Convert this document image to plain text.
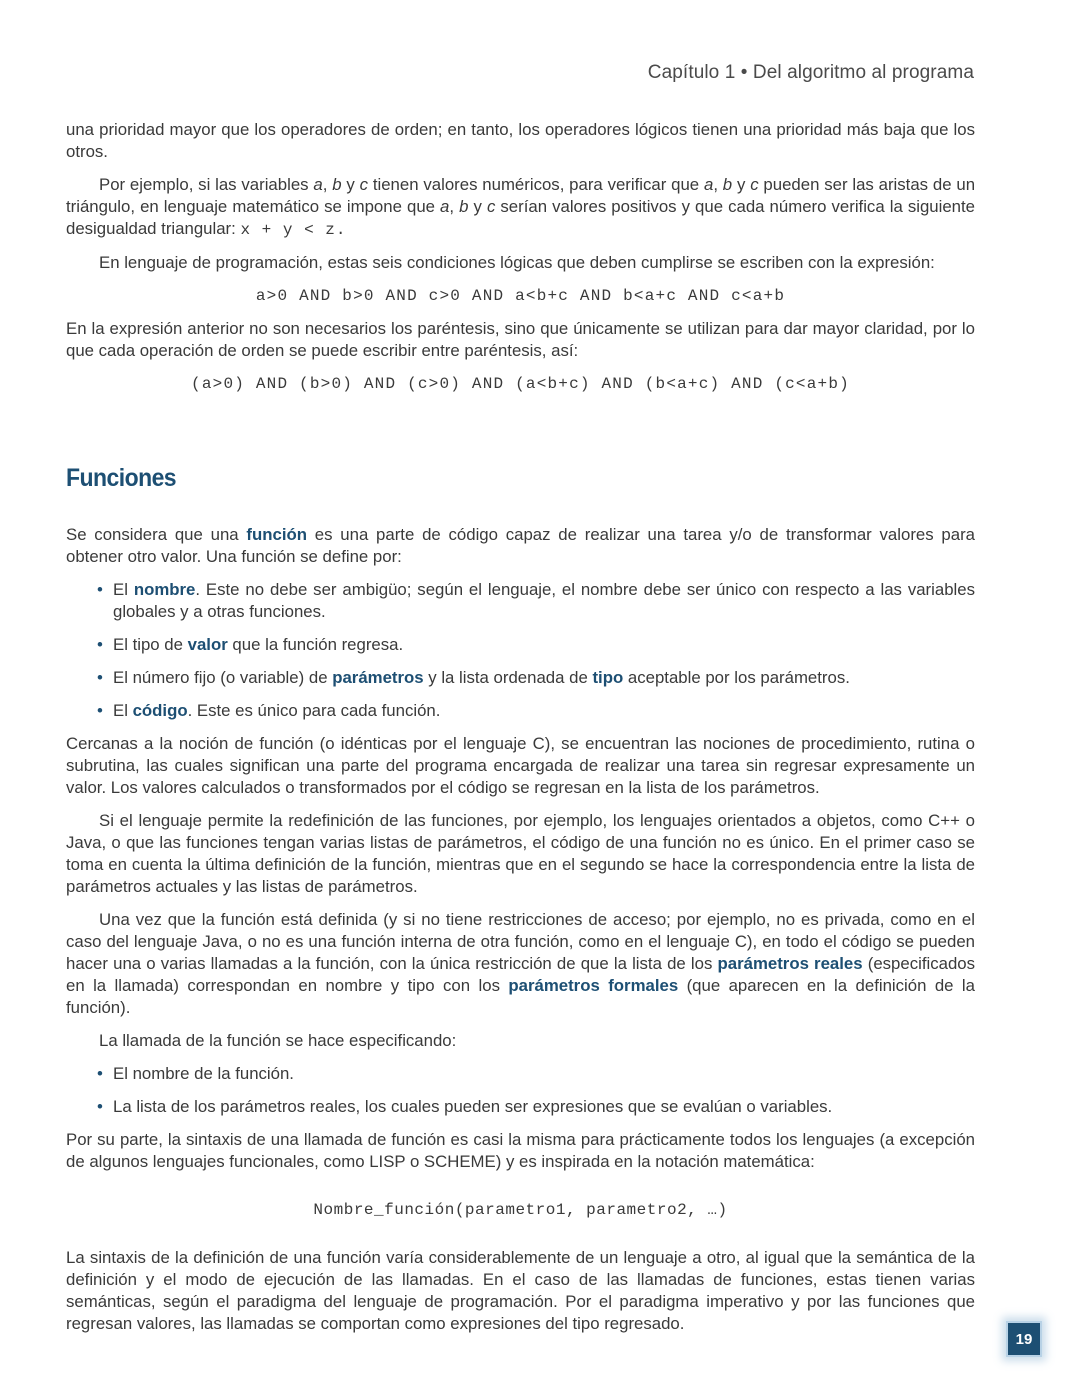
Capítulo 1 • Del algoritmo al programa

una prioridad mayor que los operadores de orden; en tanto, los operadores lógicos tienen una prioridad más baja que los otros.

Por ejemplo, si las variables a, b y c tienen valores numéricos, para verificar que a, b y c pueden ser las aristas de un triángulo, en lenguaje matemático se impone que a, b y c serían valores positivos y que cada número verifica la siguiente desigualdad triangular: x + y < z.

En lenguaje de programación, estas seis condiciones lógicas que deben cumplirse se escriben con la expresión:

a>0 AND b>0 AND c>0 AND a<b+c AND b<a+c AND c<a+b

En la expresión anterior no son necesarios los paréntesis, sino que únicamente se utilizan para dar mayor claridad, por lo que cada operación de orden se puede escribir entre paréntesis, así:

(a>0) AND (b>0) AND (c>0) AND (a<b+c) AND (b<a+c) AND (c<a+b)
Funciones

Se considera que una función es una parte de código capaz de realizar una tarea y/o de transformar valores para obtener otro valor. Una función se define por:

• El nombre. Este no debe ser ambigüo; según el lenguaje, el nombre debe ser único con respecto a las variables globales y a otras funciones.
• El tipo de valor que la función regresa.
• El número fijo (o variable) de parámetros y la lista ordenada de tipo aceptable por los parámetros.
• El código. Este es único para cada función.

Cercanas a la noción de función (o idénticas por el lenguaje C), se encuentran las nociones de procedimiento, rutina o subrutina, las cuales significan una parte del programa encargada de realizar una tarea sin regresar expresamente un valor. Los valores calculados o transformados por el código se regresan en la lista de los parámetros.

Si el lenguaje permite la redefinición de las funciones, por ejemplo, los lenguajes orientados a objetos, como C++ o Java, o que las funciones tengan varias listas de parámetros, el código de una función no es único. En el primer caso se toma en cuenta la última definición de la función, mientras que en el segundo se hace la correspondencia entre la lista de parámetros actuales y las listas de parámetros.

Una vez que la función está definida (y si no tiene restricciones de acceso; por ejemplo, no es privada, como en el caso del lenguaje Java, o no es una función interna de otra función, como en el lenguaje C), en todo el código se pueden hacer una o varias llamadas a la función, con la única restricción de que la lista de los parámetros reales (especificados en la llamada) correspondan en nombre y tipo con los parámetros formales (que aparecen en la definición de la función).

La llamada de la función se hace especificando:

• El nombre de la función.
• La lista de los parámetros reales, los cuales pueden ser expresiones que se evalúan o variables.

Por su parte, la sintaxis de una llamada de función es casi la misma para prácticamente todos los lenguajes (a excepción de algunos lenguajes funcionales, como LISP o SCHEME) y es inspirada en la notación matemática:

Nombre_función(parametro1, parametro2, …)

La sintaxis de la definición de una función varía considerablemente de un lenguaje a otro, al igual que la semántica de la definición y el modo de ejecución de las llamadas. En el caso de las llamadas de funciones, estas tienen varias semánticas, según el paradigma del lenguaje de programación. Por el paradigma imperativo y por las funciones que regresan valores, las llamadas se comportan como expresiones del tipo regresado.

19
